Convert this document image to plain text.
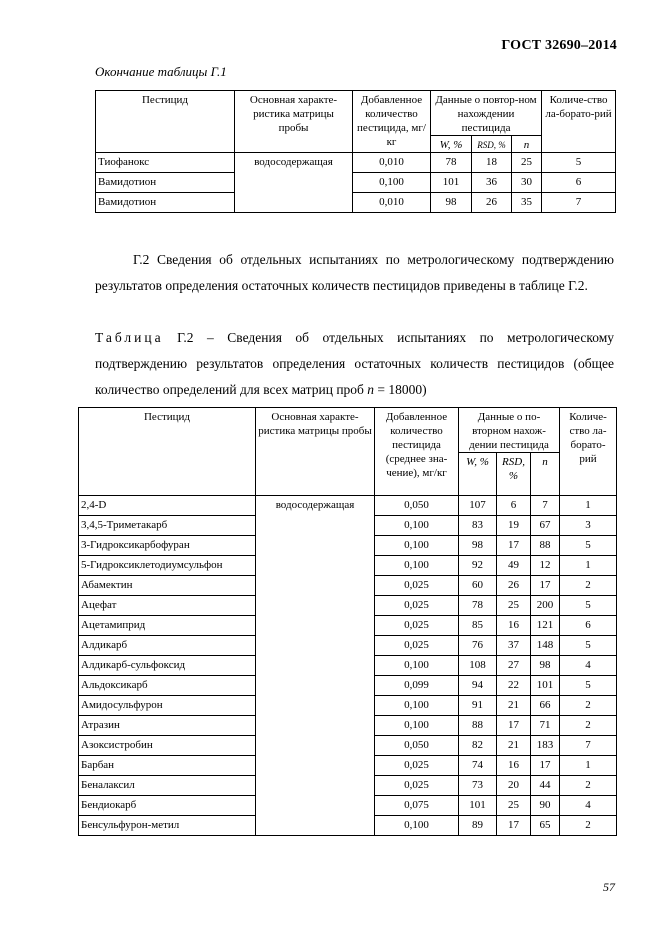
ГОСТ 32690–2014
Окончание таблицы Г.1
Пестицид	Основная характе-ристика матрицы пробы	Добавленное количество пестицида, мг/кг	Данные о повтор-ном нахождении пестицида			Количе-ство ла-борато-рий
			W, %	RSD, %	n	
Тиофанокс	водосодержащая	0,010	78	18	25	5
Вамидотион		0,100	101	36	30	6
Вамидотион		0,010	98	26	35	7
Г.2 Сведения об отдельных испытаниях по метрологическому подтверждению результатов определения остаточных количеств пестицидов приведены в таблице Г.2.
Таблица Г.2 – Сведения об отдельных испытаниях по метрологическому подтверждению результатов определения остаточных количеств пестицидов (общее количество определений для всех матриц проб n = 18000)
Пестицид	Основная характе-ристика матрицы пробы	Добавленное количество пестицида (среднее зна-чение), мг/кг	Данные о по-вторном нахож-дении пестицида			Количе-ство ла-борато-рий
			W, %	RSD, %	n	
2,4-D	водосодержащая	0,050	107	6	7	1
3,4,5-Триметакарб		0,100	83	19	67	3
3-Гидроксикарбофуран		0,100	98	17	88	5
5-Гидроксиклетодиумсульфон		0,100	92	49	12	1
Абамектин		0,025	60	26	17	2
Ацефат		0,025	78	25	200	5
Ацетамиприд		0,025	85	16	121	6
Алдикарб		0,025	76	37	148	5
Алдикарб-сульфоксид		0,100	108	27	98	4
Альдоксикарб		0,099	94	22	101	5
Амидосульфурон		0,100	91	21	66	2
Атразин		0,100	88	17	71	2
Азоксистробин		0,050	82	21	183	7
Барбан		0,025	74	16	17	1
Беналаксил		0,025	73	20	44	2
Бендиокарб		0,075	101	25	90	4
Бенсульфурон-метил		0,100	89	17	65	2
57
